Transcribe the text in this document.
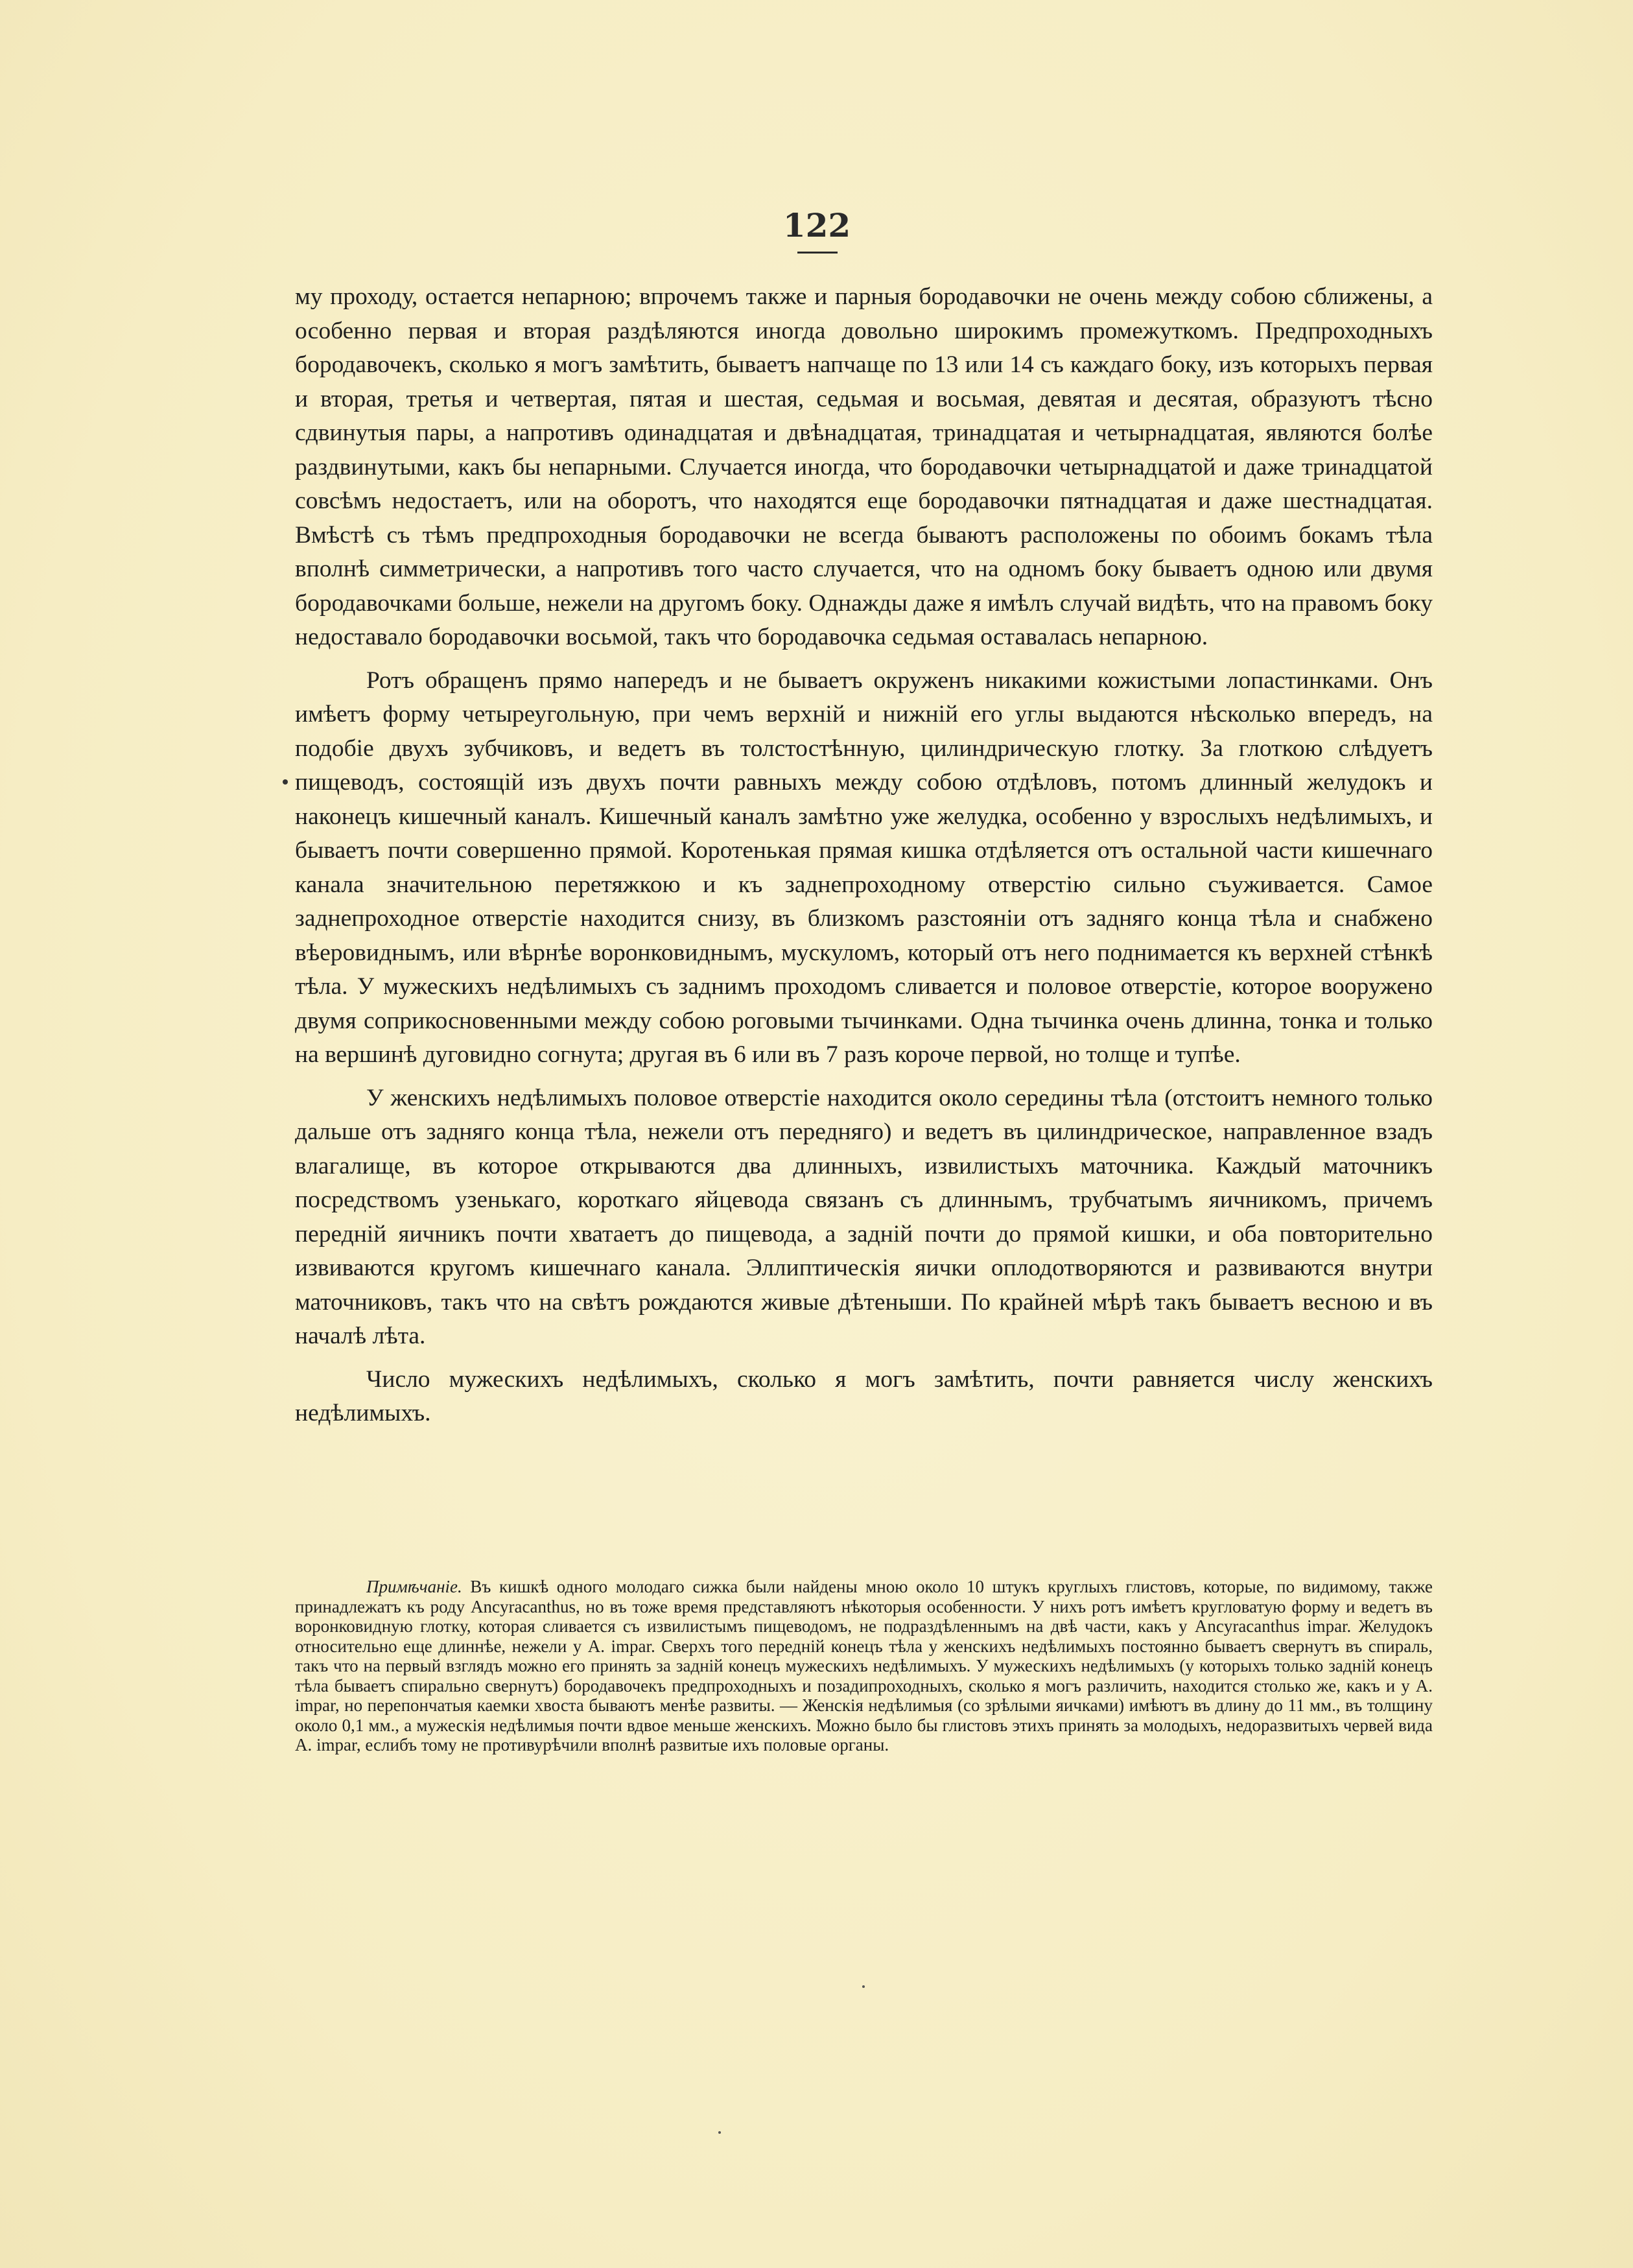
122

му проходу, остается непарною; впрочемъ также и парныя бородавочки не очень между собою сближены, а особенно первая и вторая раздѣляются иногда довольно широкимъ промежуткомъ. Предпроходныхъ бородавочекъ, сколько я могъ замѣтить, бываетъ напчаще по 13 или 14 съ каждаго боку, изъ которыхъ первая и вторая, третья и четвертая, пятая и шестая, седьмая и восьмая, девятая и десятая, образуютъ тѣсно сдвинутыя пары, а напротивъ одинадцатая и двѣнадцатая, тринадцатая и четырнадцатая, являются болѣе раздвинутыми, какъ бы непарными. Случается иногда, что бородавочки четырнадцатой и даже тринадцатой совсѣмъ недостаетъ, или на оборотъ, что находятся еще бородавочки пятнадцатая и даже шестнадцатая. Вмѣстѣ съ тѣмъ предпроходныя бородавочки не всегда бываютъ расположены по обоимъ бокамъ тѣла вполнѣ симметрически, а напротивъ того часто случается, что на одномъ боку бываетъ одною или двумя бородавочками больше, нежели на другомъ боку. Однажды даже я имѣлъ случай видѣть, что на правомъ боку недоставало бородавочки восьмой, такъ что бородавочка седьмая оставалась непарною.

Ротъ обращенъ прямо напередъ и не бываетъ окруженъ никакими кожистыми лопастинками. Онъ имѣетъ форму четыреугольную, при чемъ верхній и нижній его углы выдаются нѣсколько впередъ, на подобіе двухъ зубчиковъ, и ведетъ въ толстостѣнную, цилиндрическую глотку. За глоткою слѣдуетъ пищеводъ, состоящій изъ двухъ почти равныхъ между собою отдѣловъ, потомъ длинный желудокъ и наконецъ кишечный каналъ. Кишечный каналъ замѣтно уже желудка, особенно у взрослыхъ недѣлимыхъ, и бываетъ почти совершенно прямой. Коротенькая прямая кишка отдѣляется отъ остальной части кишечнаго канала значительною перетяжкою и къ заднепроходному отверстію сильно съуживается. Самое заднепроходное отверстіе находится снизу, въ близкомъ разстояніи отъ задняго конца тѣла и снабжено вѣеровиднымъ, или вѣрнѣе воронковиднымъ, мускуломъ, который отъ него поднимается къ верхней стѣнкѣ тѣла. У мужескихъ недѣлимыхъ съ заднимъ проходомъ сливается и половое отверстіе, которое вооружено двумя соприкосновенными между собою роговыми тычинками. Одна тычинка очень длинна, тонка и только на вершинѣ дуговидно согнута; другая въ 6 или въ 7 разъ короче первой, но толще и тупѣе.

У женскихъ недѣлимыхъ половое отверстіе находится около середины тѣла (отстоитъ немного только дальше отъ задняго конца тѣла, нежели отъ передняго) и ведетъ въ цилиндрическое, направленное взадъ влагалище, въ которое открываются два длинныхъ, извилистыхъ маточника. Каждый маточникъ посредствомъ узенькаго, короткаго яйцевода связанъ съ длиннымъ, трубчатымъ яичникомъ, причемъ передній яичникъ почти хватаетъ до пищевода, а задній почти до прямой кишки, и оба повторительно извиваются кругомъ кишечнаго канала. Эллиптическія яички оплодотворяются и развиваются внутри маточниковъ, такъ что на свѣтъ рождаются живые дѣтеныши. По крайней мѣрѣ такъ бываетъ весною и въ началѣ лѣта.

Число мужескихъ недѣлимыхъ, сколько я могъ замѣтить, почти равняется числу женскихъ недѣлимыхъ.

Примѣчаніе. Въ кишкѣ одного молодаго сижка были найдены мною около 10 штукъ круглыхъ глистовъ, которые, по видимому, также принадлежатъ къ роду Ancyracanthus, но въ тоже время представляютъ нѣкоторыя особенности. У нихъ ротъ имѣетъ кругловатую форму и ведетъ въ воронковидную глотку, которая сливается съ извилистымъ пищеводомъ, не подраздѣленнымъ на двѣ части, какъ у Ancyracanthus impar. Желудокъ относительно еще длиннѣе, нежели у A. impar. Сверхъ того передній конецъ тѣла у женскихъ недѣлимыхъ постоянно бываетъ свернутъ въ спираль, такъ что на первый взглядъ можно его принять за задній конецъ мужескихъ недѣлимыхъ. У мужескихъ недѣлимыхъ (у которыхъ только задній конецъ тѣла бываетъ спирально свернутъ) бородавочекъ предпроходныхъ и позадипроходныхъ, сколько я могъ различить, находится столько же, какъ и у A. impar, но перепончатыя каемки хвоста бываютъ менѣе развиты. — Женскія недѣлимыя (со зрѣлыми яичками) имѣютъ въ длину до 11 мм., въ толщину около 0,1 мм., а мужескія недѣлимыя почти вдвое меньше женскихъ. Можно было бы глистовъ этихъ принять за молодыхъ, недоразвитыхъ червей вида A. impar, еслибъ тому не противурѣчили вполнѣ развитые ихъ половые органы.
